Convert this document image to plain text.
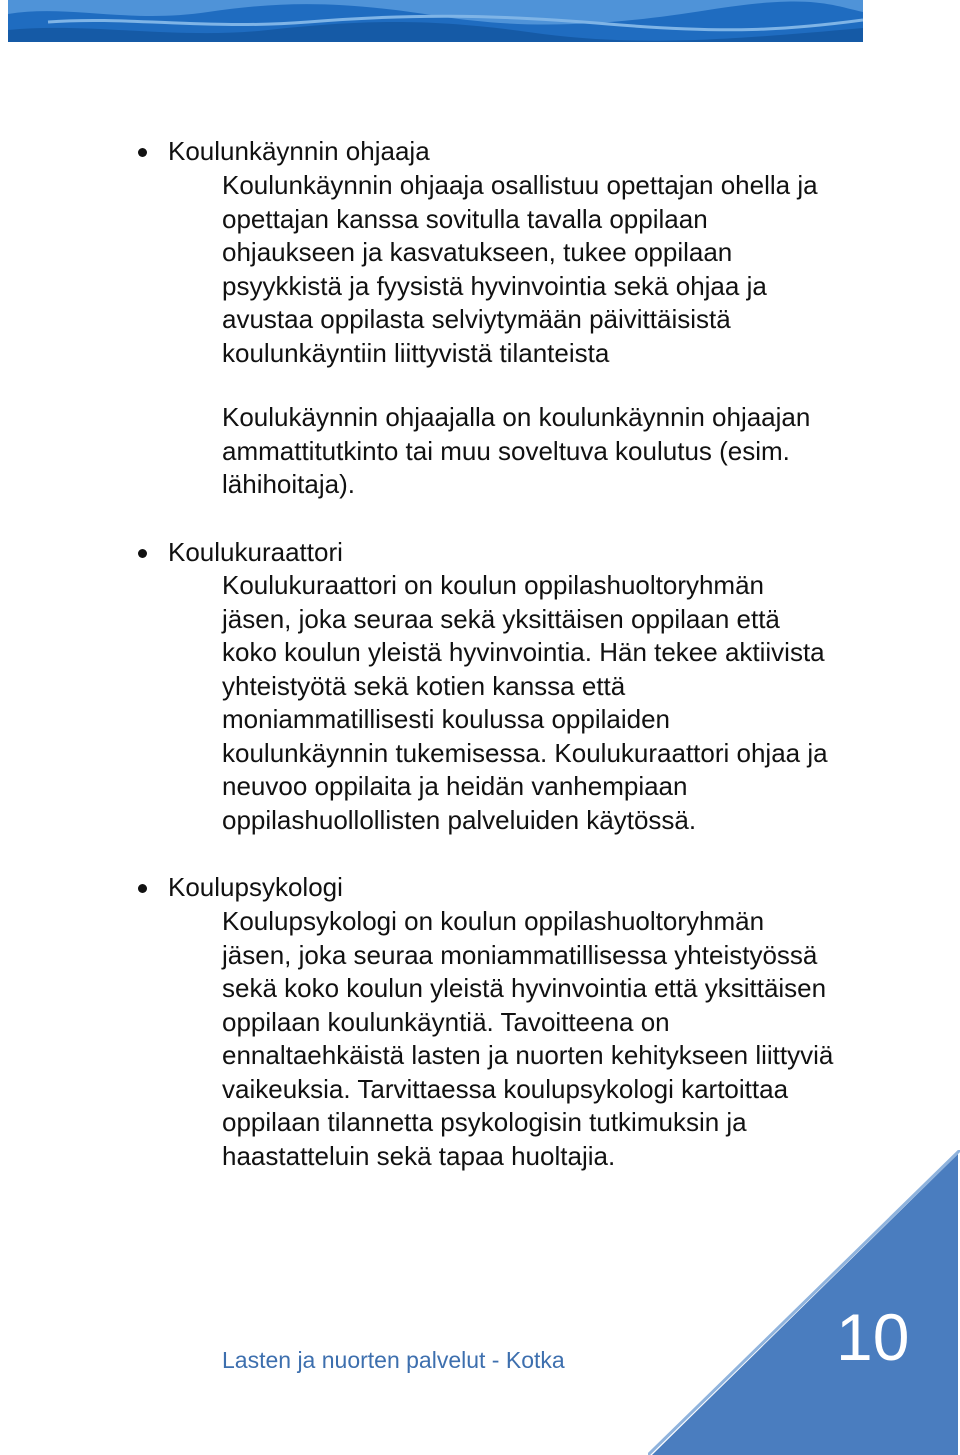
Koulunkäynnin ohjaaja

Koulunkäynnin ohjaaja osallistuu opettajan ohella ja
opettajan kanssa sovitulla tavalla oppilaan
ohjaukseen ja kasvatukseen, tukee oppilaan
psyykkistä ja fyysistä hyvinvointia sekä ohjaa ja
avustaa oppilasta selviytymään päivittäisistä
koulunkäyntiin liittyvistä tilanteista

Koulukäynnin ohjaajalla on koulunkäynnin ohjaajan
ammattitutkinto tai muu soveltuva koulutus (esim.
lähihoitaja).

Koulukuraattori

Koulukuraattori on koulun oppilashuoltoryhmän
jäsen, joka seuraa sekä yksittäisen oppilaan että
koko koulun yleistä hyvinvointia. Hän tekee aktiivista
yhteistyötä sekä kotien kanssa että
moniammatillisesti koulussa oppilaiden
koulunkäynnin tukemisessa. Koulukuraattori ohjaa ja
neuvoo oppilaita ja heidän vanhempiaan
oppilashuollollisten palveluiden käytössä.

Koulupsykologi

Koulupsykologi on koulun oppilashuoltoryhmän
jäsen, joka seuraa moniammatillisessa yhteistyössä
sekä koko koulun yleistä hyvinvointia että yksittäisen
oppilaan koulunkäyntiä. Tavoitteena on
ennaltaehkäistä lasten ja nuorten kehitykseen liittyviä
vaikeuksia. Tarvittaessa koulupsykologi kartoittaa
oppilaan tilannetta psykologisin tutkimuksin ja
haastatteluin sekä tapaa huoltajia.

Lasten ja nuorten palvelut - Kotka	10
